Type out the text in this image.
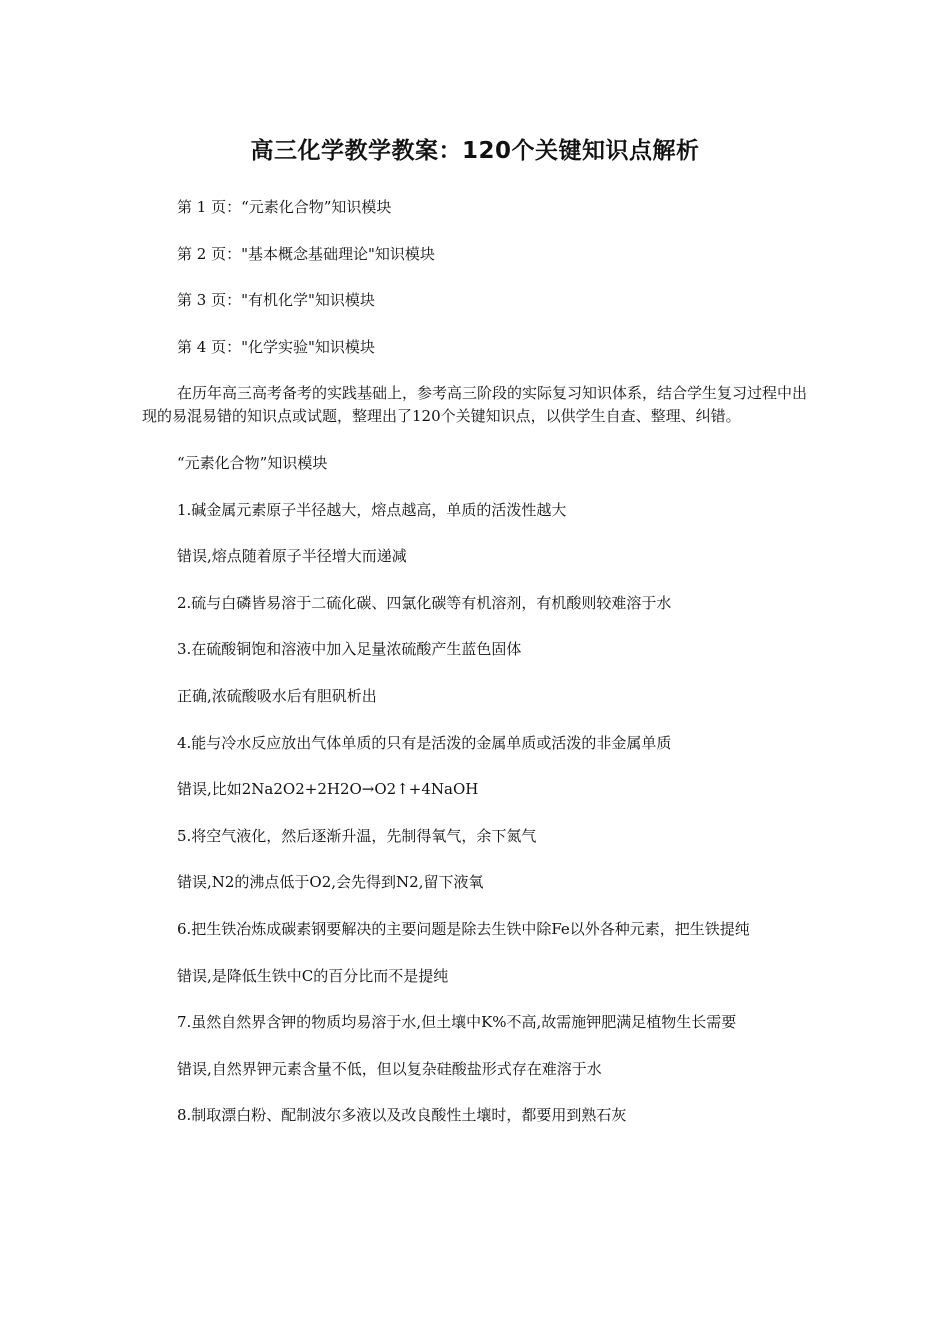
高三化学教学教案：120个关键知识点解析

第 1 页：“元素化合物”知识模块

第 2 页："基本概念基础理论"知识模块

第 3 页："有机化学"知识模块

第 4 页："化学实验"知识模块

在历年高三高考备考的实践基础上，参考高三阶段的实际复习知识体系，结合学生复习过程中出现的易混易错的知识点或试题，整理出了120个关键知识点，以供学生自查、整理、纠错。

“元素化合物”知识模块

1.碱金属元素原子半径越大，熔点越高，单质的活泼性越大

错误,熔点随着原子半径增大而递减

2.硫与白磷皆易溶于二硫化碳、四氯化碳等有机溶剂，有机酸则较难溶于水

3.在硫酸铜饱和溶液中加入足量浓硫酸产生蓝色固体

正确,浓硫酸吸水后有胆矾析出

4.能与冷水反应放出气体单质的只有是活泼的金属单质或活泼的非金属单质

错误,比如2Na2O2+2H2O→O2↑+4NaOH

5.将空气液化，然后逐渐升温，先制得氧气，余下氮气

错误,N2的沸点低于O2,会先得到N2,留下液氧

6.把生铁冶炼成碳素钢要解决的主要问题是除去生铁中除Fe以外各种元素，把生铁提纯

错误,是降低生铁中C的百分比而不是提纯

7.虽然自然界含钾的物质均易溶于水,但土壤中K%不高,故需施钾肥满足植物生长需要

错误,自然界钾元素含量不低，但以复杂硅酸盐形式存在难溶于水

8.制取漂白粉、配制波尔多液以及改良酸性土壤时，都要用到熟石灰
